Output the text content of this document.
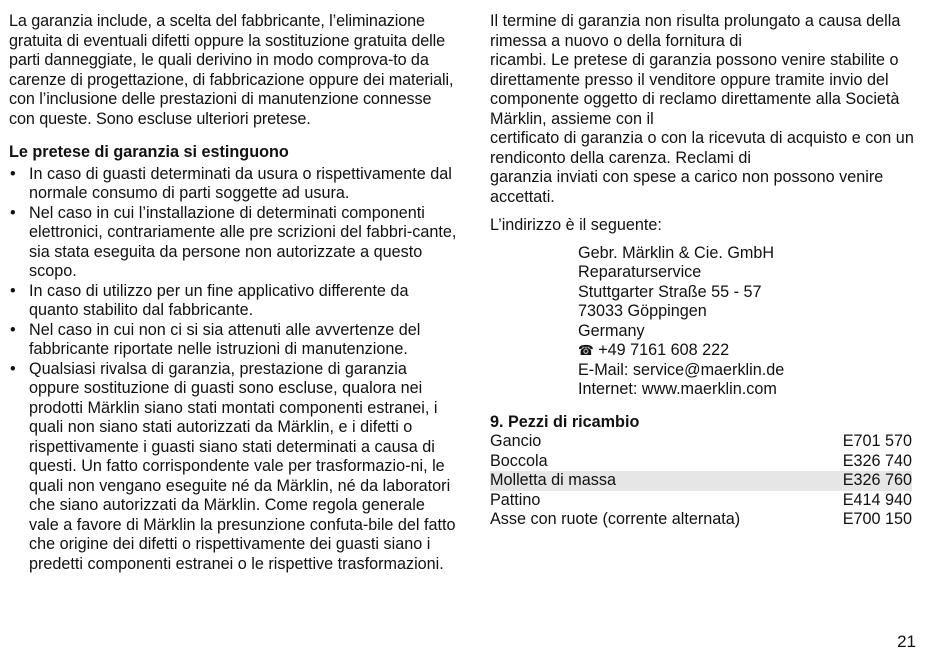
La garanzia include, a scelta del fabbricante, l’eliminazione gratuita di eventuali difetti oppure la sostituzione gratuita delle parti danneggiate, le quali derivino in modo comprova-to da carenze di progettazione, di fabbricazione oppure dei materiali, con l’inclusione delle prestazioni di manutenzione connesse con queste. Sono escluse ulteriori pretese.

Le pretese di garanzia si estinguono

• In caso di guasti determinati da usura o rispettivamente dal normale consumo di parti soggette ad usura.
• Nel caso in cui l’installazione di determinati componenti elettronici, contrariamente alle pre scrizioni del fabbri-cante, sia stata eseguita da persone non autorizzate a questo scopo.
• In caso di utilizzo per un fine applicativo differente da quanto stabilito dal fabbricante.
• Nel caso in cui non ci si sia attenuti alle avvertenze del fabbricante riportate nelle istruzioni di manutenzione.
• Qualsiasi rivalsa di garanzia, prestazione di garanzia oppure sostituzione di guasti sono escluse, qualora nei prodotti Märklin siano stati montati componenti estranei, i quali non siano stati autorizzati da Märklin, e i difetti o rispettivamente i guasti siano stati determinati a causa di questi. Un fatto corrispondente vale per trasformazio-ni, le quali non vengano eseguite né da Märklin, né da laboratori che siano autorizzati da Märklin. Come regola generale vale a favore di Märklin la presunzione confuta-bile del fatto che origine dei difetti o rispettivamente dei guasti siano i predetti componenti estranei o le rispettive trasformazioni.
Il termine di garanzia non risulta prolungato a causa della
rimessa a nuovo o della fornitura di
ricambi. Le pretese di garanzia possono venire stabilite o
direttamente presso il venditore oppure tramite invio del
componente oggetto di reclamo direttamente alla Società
Märklin, assieme con il
certificato di garanzia o con la ricevuta di acquisto e con un
rendiconto della carenza. Reclami di
garanzia inviati con spese a carico non possono venire
accettati.

L’indirizzo è il seguente:

Gebr. Märklin & Cie. GmbH
Reparaturservice
Stuttgarter Straße 55 - 57
73033 Göppingen
Germany
☎ +49 7161 608 222
E-Mail: service@maerklin.de
Internet: www.maerklin.com
9. Pezzi di ricambio
Gancio	E701 570
Boccola	E326 740
Molletta di massa	E326 760
Pattino	E414 940
Asse con ruote (corrente alternata)	E700 150
21
